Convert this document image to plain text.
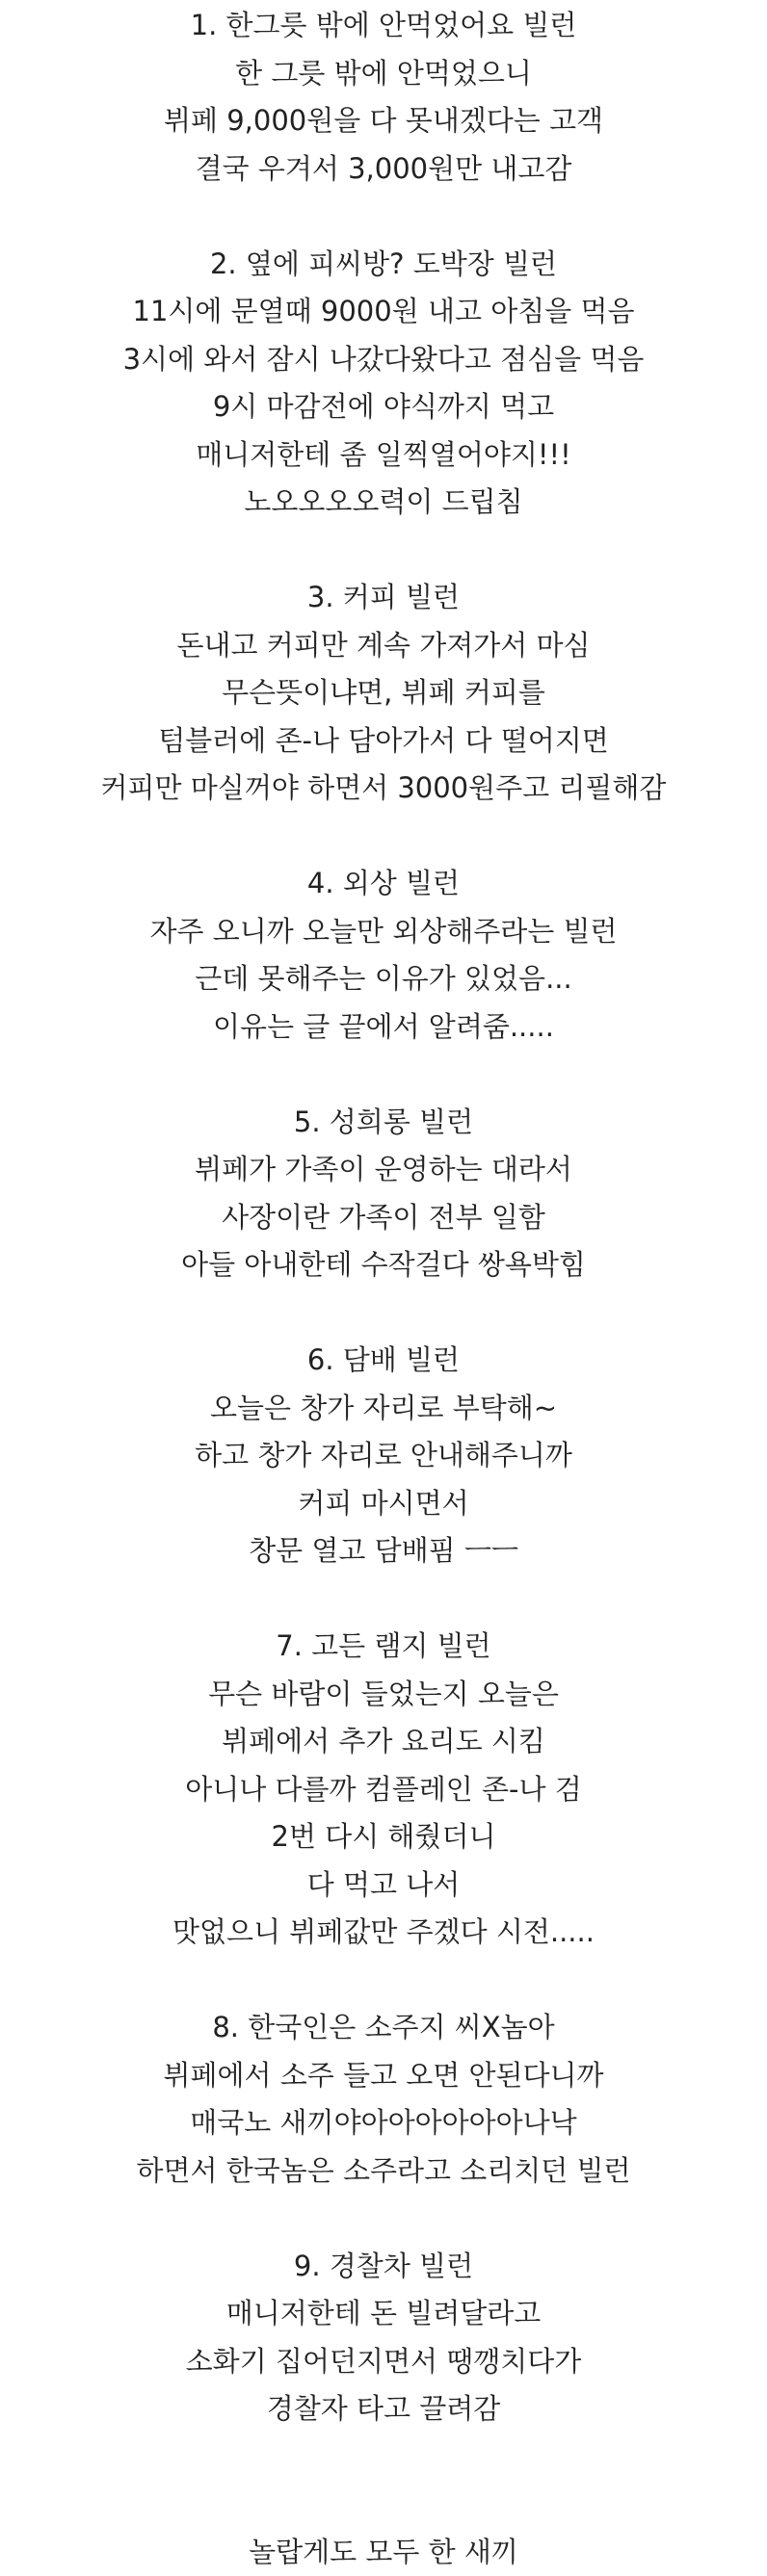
1. 한그릇 밖에 안먹었어요 빌런
한 그릇 밖에 안먹었으니
뷔페 9,000원을 다 못내겠다는 고객
결국 우겨서 3,000원만 내고감
2. 옆에 피씨방? 도박장 빌런
11시에 문열때 9000원 내고 아침을 먹음
3시에 와서 잠시 나갔다왔다고 점심을 먹음
9시 마감전에 야식까지 먹고
매니저한테 좀 일찍열어야지!!!
노오오오오력이 드립침
3. 커피 빌런
돈내고 커피만 계속 가져가서 마심
무슨뜻이냐면, 뷔페 커피를
텀블러에 존-나 담아가서 다 떨어지면
커피만 마실꺼야 하면서 3000원주고 리필해감
4. 외상 빌런
자주 오니까 오늘만 외상해주라는 빌런
근데 못해주는 이유가 있었음...
이유는 글 끝에서 알려줌.....
5. 성희롱 빌런
뷔페가 가족이 운영하는 대라서
사장이란 가족이 전부 일함
아들 아내한테 수작걸다 쌍욕박힘
6. 담배 빌런
오늘은 창가 자리로 부탁해~
하고 창가 자리로 안내해주니까
커피 마시면서
창문 열고 담배핌 ㅡㅡ
7. 고든 램지 빌런
무슨 바람이 들었는지 오늘은
뷔페에서 추가 요리도 시킴
아니나 다를까 컴플레인 존-나 검
2번 다시 해줬더니
다 먹고 나서
맛없으니 뷔페값만 주겠다 시전.....
8. 한국인은 소주지 씨X놈아
뷔페에서 소주 들고 오면 안된다니까
매국노 새끼야아아아아아아나낙
하면서 한국놈은 소주라고 소리치던 빌런
9. 경찰차 빌런
매니저한테 돈 빌려달라고
소화기 집어던지면서 땡깽치다가
경찰자 타고 끌려감
놀랍게도 모두 한 새끼
